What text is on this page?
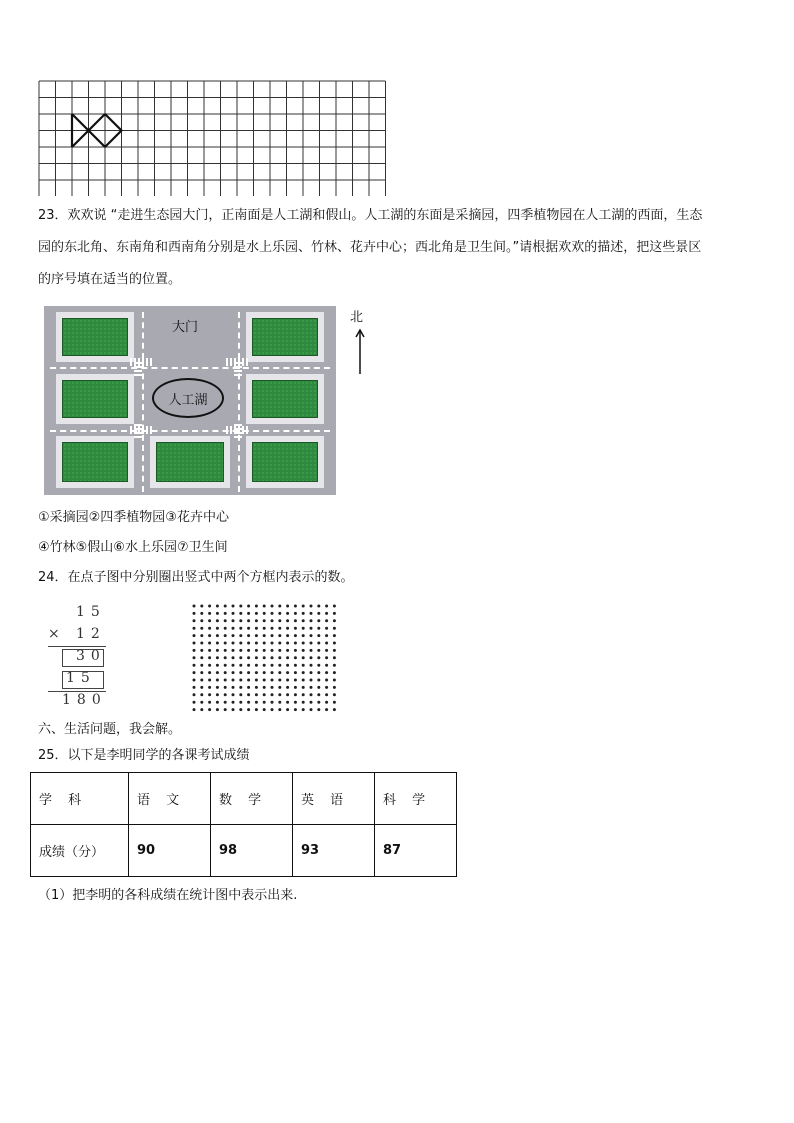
23．欢欢说 “走进生态园大门，正南面是人工湖和假山。人工湖的东面是采摘园，四季植物园在人工湖的西面，生态
园的东北角、东南角和西南角分别是水上乐园、竹林、花卉中心；西北角是卫生间。”请根据欢欢的描述，把这些景区
的序号填在适当的位置。
大门
人工湖
北
①采摘园②四季植物园③花卉中心
④竹林⑤假山⑥水上乐园⑦卫生间
24．在点子图中分别圈出竖式中两个方框内表示的数。
15
× 12
30
15
180
六、生活问题，我会解。
25．以下是李明同学的各课考试成绩
学 科	语 文	数 学	英 语	科 学
成绩（分）	90	98	93	87
（1）把李明的各科成绩在统计图中表示出来.
